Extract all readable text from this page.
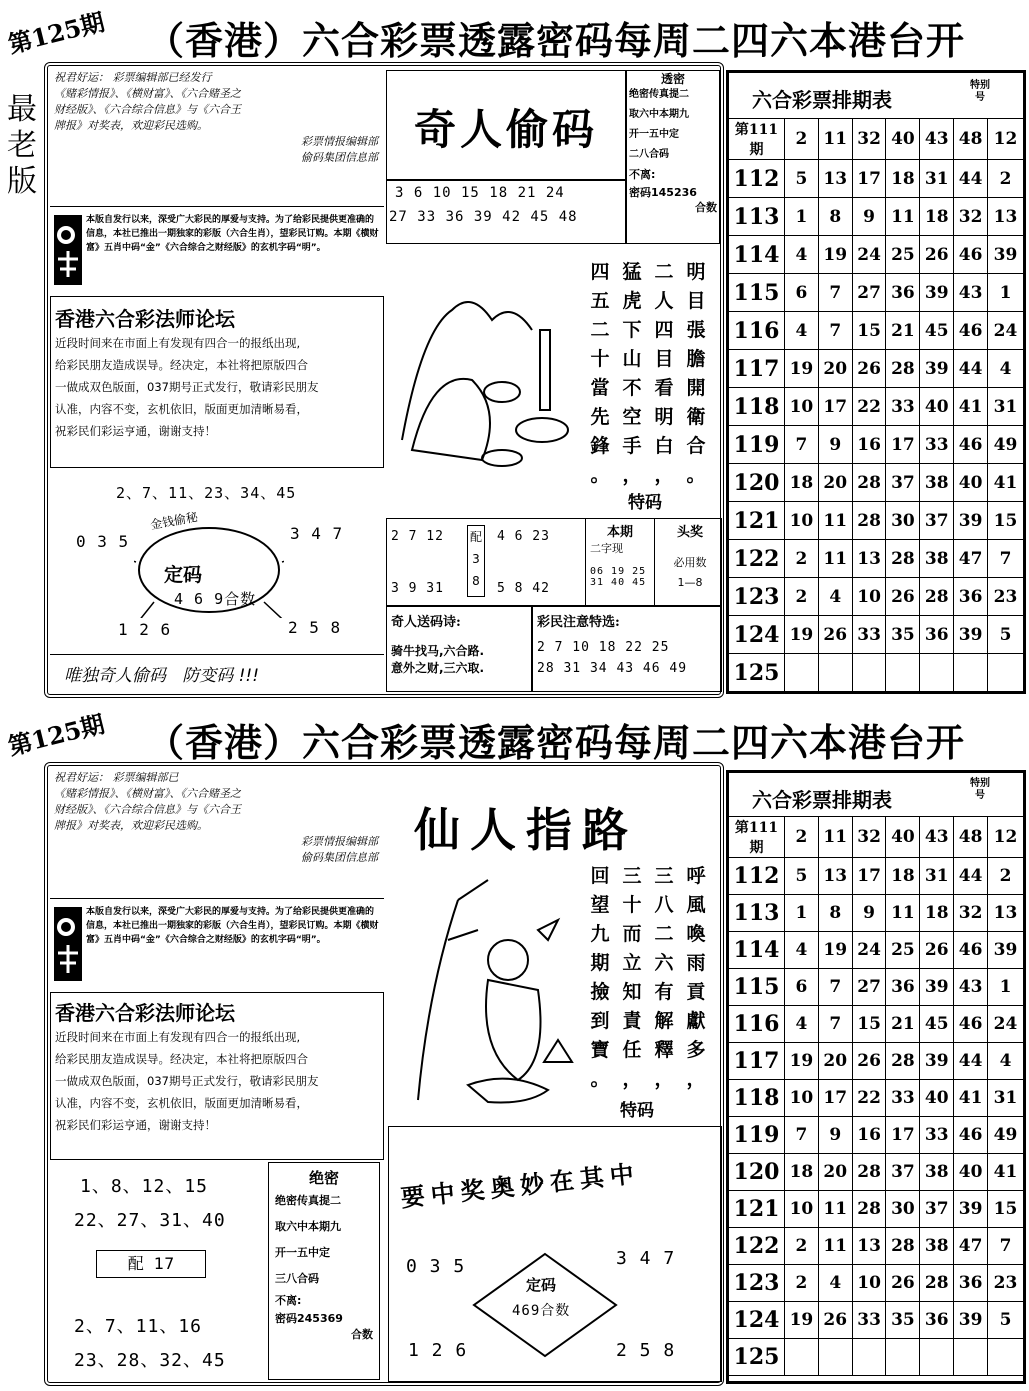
第125期 （香港）六合彩票透露密码每周二四六本港台开
最
老
版
祝君好运： 彩票编辑部已经发行
《赌彩情报》、《横财富》、《六合赌圣之
财经版》、《六合综合信息》与《六合王
牌报》对奖表，欢迎彩民选购。
彩票情报编辑部
偷码集团信息部
本版自发行以来，深受广大彩民的厚爱与支持。为了给彩民提供更准确的信息，本社已推出一期独家的彩版（六合生肖），望彩民订购。本期《横财富》五肖中码“金”《六合综合之财经版》的玄机字码“明”。
香港六合彩法师论坛
近段时间来在市面上有发现有四合一的报纸出现,
给彩民朋友造成误导。经决定，本社将把原版四合
一做成双色版面，037期号正式发行，敬请彩民朋友
认准，内容不变，玄机依旧，版面更加清晰易看，
祝彩民们彩运亨通，谢谢支持！
2、7、11、23、34、45
0 3 5	3 4 7
1 2 6	2 5 8
金钱偷秘
定码
4 6 9合数
唯独奇人偷码   防变码 !!!
奇人偷码
3 6 10 15 18 21 24
27 33 36 39 42 45 48
透密
绝密传真提二
取六中本期九
开一五中定
二八合码
不离:
密码145236
合数
四
五
二
十
當
先
鋒
。
猛
虎
下
山
不
空
手
，
二
人
四
目
看
明
白
，
明
目
張
膽
開
衛
合
。
特码
2 7 12
3 9 31
配
3
8
4 6 23
5 8 42
本期
二字现
06 19 25
31 40 45
头奖
必用数
1—8
奇人送码诗:
骑牛找马,六合路.
意外之财,三六取.
彩民注意特选:
2 7 10 18 22 25
28 31 34 43 46 49
六合彩票排期表
特别号
第111期	2	11	32	40	43	48	12
112	5	13	17	18	31	44	2
113	1	8	9	11	18	32	13
114	4	19	24	25	26	46	39
115	6	7	27	36	39	43	1
116	4	7	15	21	45	46	24
117	19	20	26	28	39	44	4
118	10	17	22	33	40	41	31
119	7	9	16	17	33	46	49
120	18	20	28	37	38	40	41
121	10	11	28	30	37	39	15
122	2	11	13	28	38	47	7
123	2	4	10	26	28	36	23
124	19	26	33	35	36	39	5
125							
第125期 （香港）六合彩票透露密码每周二四六本港台开
祝君好运： 彩票编辑部已
《赌彩情报》、《横财富》、《六合赌圣之
财经版》、《六合综合信息》与《六合王
牌报》对奖表，欢迎彩民选购。
彩票情报编辑部
偷码集团信息部
本版自发行以来，深受广大彩民的厚爱与支持。为了给彩民提供更准确的信息，本社已推出一期独家的彩版（六合生肖），望彩民订购。本期《横财富》五肖中码“金”《六合综合之财经版》的玄机字码“明”。
香港六合彩法师论坛
近段时间来在市面上有发现有四合一的报纸出现,
给彩民朋友造成误导。经决定，本社将把原版四合
一做成双色版面，037期号正式发行，敬请彩民朋友
认准，内容不变，玄机依旧，版面更加清晰易看，
祝彩民们彩运亨通，谢谢支持！
1、8、12、15
22、27、31、40
配  17
2、7、11、16
23、28、32、45
绝密
绝密传真提二
取六中本期九
开一五中定
三八合码
不离:
密码245369
合数
仙人指路
回
望
九
期
撿
到
寶
。
三
十
而
立
知
責
任
，
三
八
二
六
有
解
釋
，
呼
風
喚
雨
貢
獻
多
，
特码
要中奖奥妙在其中
0 3 5	3 4 7
1 2 6	2 5 8
定码
469合数
六合彩票排期表
特别号
第111期	2	11	32	40	43	48	12
112	5	13	17	18	31	44	2
113	1	8	9	11	18	32	13
114	4	19	24	25	26	46	39
115	6	7	27	36	39	43	1
116	4	7	15	21	45	46	24
117	19	20	26	28	39	44	4
118	10	17	22	33	40	41	31
119	7	9	16	17	33	46	49
120	18	20	28	37	38	40	41
121	10	11	28	30	37	39	15
122	2	11	13	28	38	47	7
123	2	4	10	26	28	36	23
124	19	26	33	35	36	39	5
125							
